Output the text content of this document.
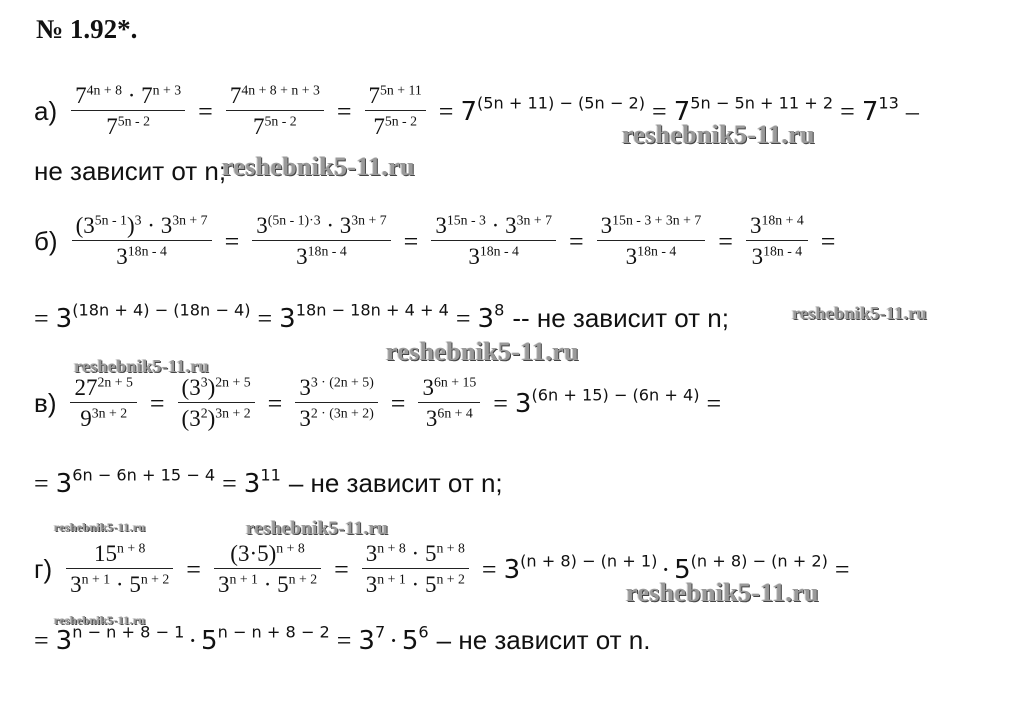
№ 1.92*.
$а) \frac{7^{4n + 8} \cdot 7^{n + 3}}{7^{5n - 2}} = \frac{7^{4n + 8 + n + 3}}{7^{5n - 2}} = \frac{7^{5n + 11}}{7^{5n - 2}} = 7^{(5n + 11) - (5n - 2)} = 7^{5n - 5n + 11 + 2} = 7^{13}$ –
не зависит от n;
$б) \frac{(3^{5n - 1})^3 \cdot 3^{3n + 7}}{3^{18n - 4}} = \frac{3^{(5n - 1)\cdot 3} \cdot 3^{3n + 7}}{3^{18n - 4}} = \frac{3^{15n - 3} \cdot 3^{3n + 7}}{3^{18n - 4}} = \frac{3^{15n - 3 + 3n + 7}}{3^{18n - 4}} = \frac{3^{18n + 4}}{3^{18n - 4}}$ =
= $3^{(18n + 4) - (18n - 4)} = 3^{18n - 18n + 4 + 4} = 3^8$ -- не зависит от n;
$в) \frac{27^{2n + 5}}{9^{3n + 2}} = \frac{(3^3)^{2n + 5}}{(3^2)^{3n + 2}} = \frac{3^{3 \cdot (2n + 5)}}{3^{2 \cdot (3n + 2)}} = \frac{3^{6n + 15}}{3^{6n + 4}} = 3^{(6n + 15) - (6n + 4)}$ =
= $3^{6n - 6n + 15 - 4} = 3^{11}$ – не зависит от n;
$г) \frac{15^{n + 8}}{3^{n + 1} \cdot 5^{n + 2}} = \frac{(3\cdot 5)^{n + 8}}{3^{n + 1} \cdot 5^{n + 2}} = \frac{3^{n + 8} \cdot 5^{n + 8}}{3^{n + 1} \cdot 5^{n + 2}} = 3^{(n + 8) - (n + 1)} \cdot 5^{(n + 8) - (n + 2)}$ =
= $3^{n - n + 8 - 1} \cdot 5^{n - n + 8 - 2} = 3^7 \cdot 5^6$ – не зависит от n.
reshebnik5-11.ru
reshebnik5-11.ru
reshebnik5-11.ru
reshebnik5-11.ru
reshebnik5-11.ru
reshebnik5-11.ru	reshebnik5-11.ru
reshebnik5-11.ru
reshebnik5-11.ru
